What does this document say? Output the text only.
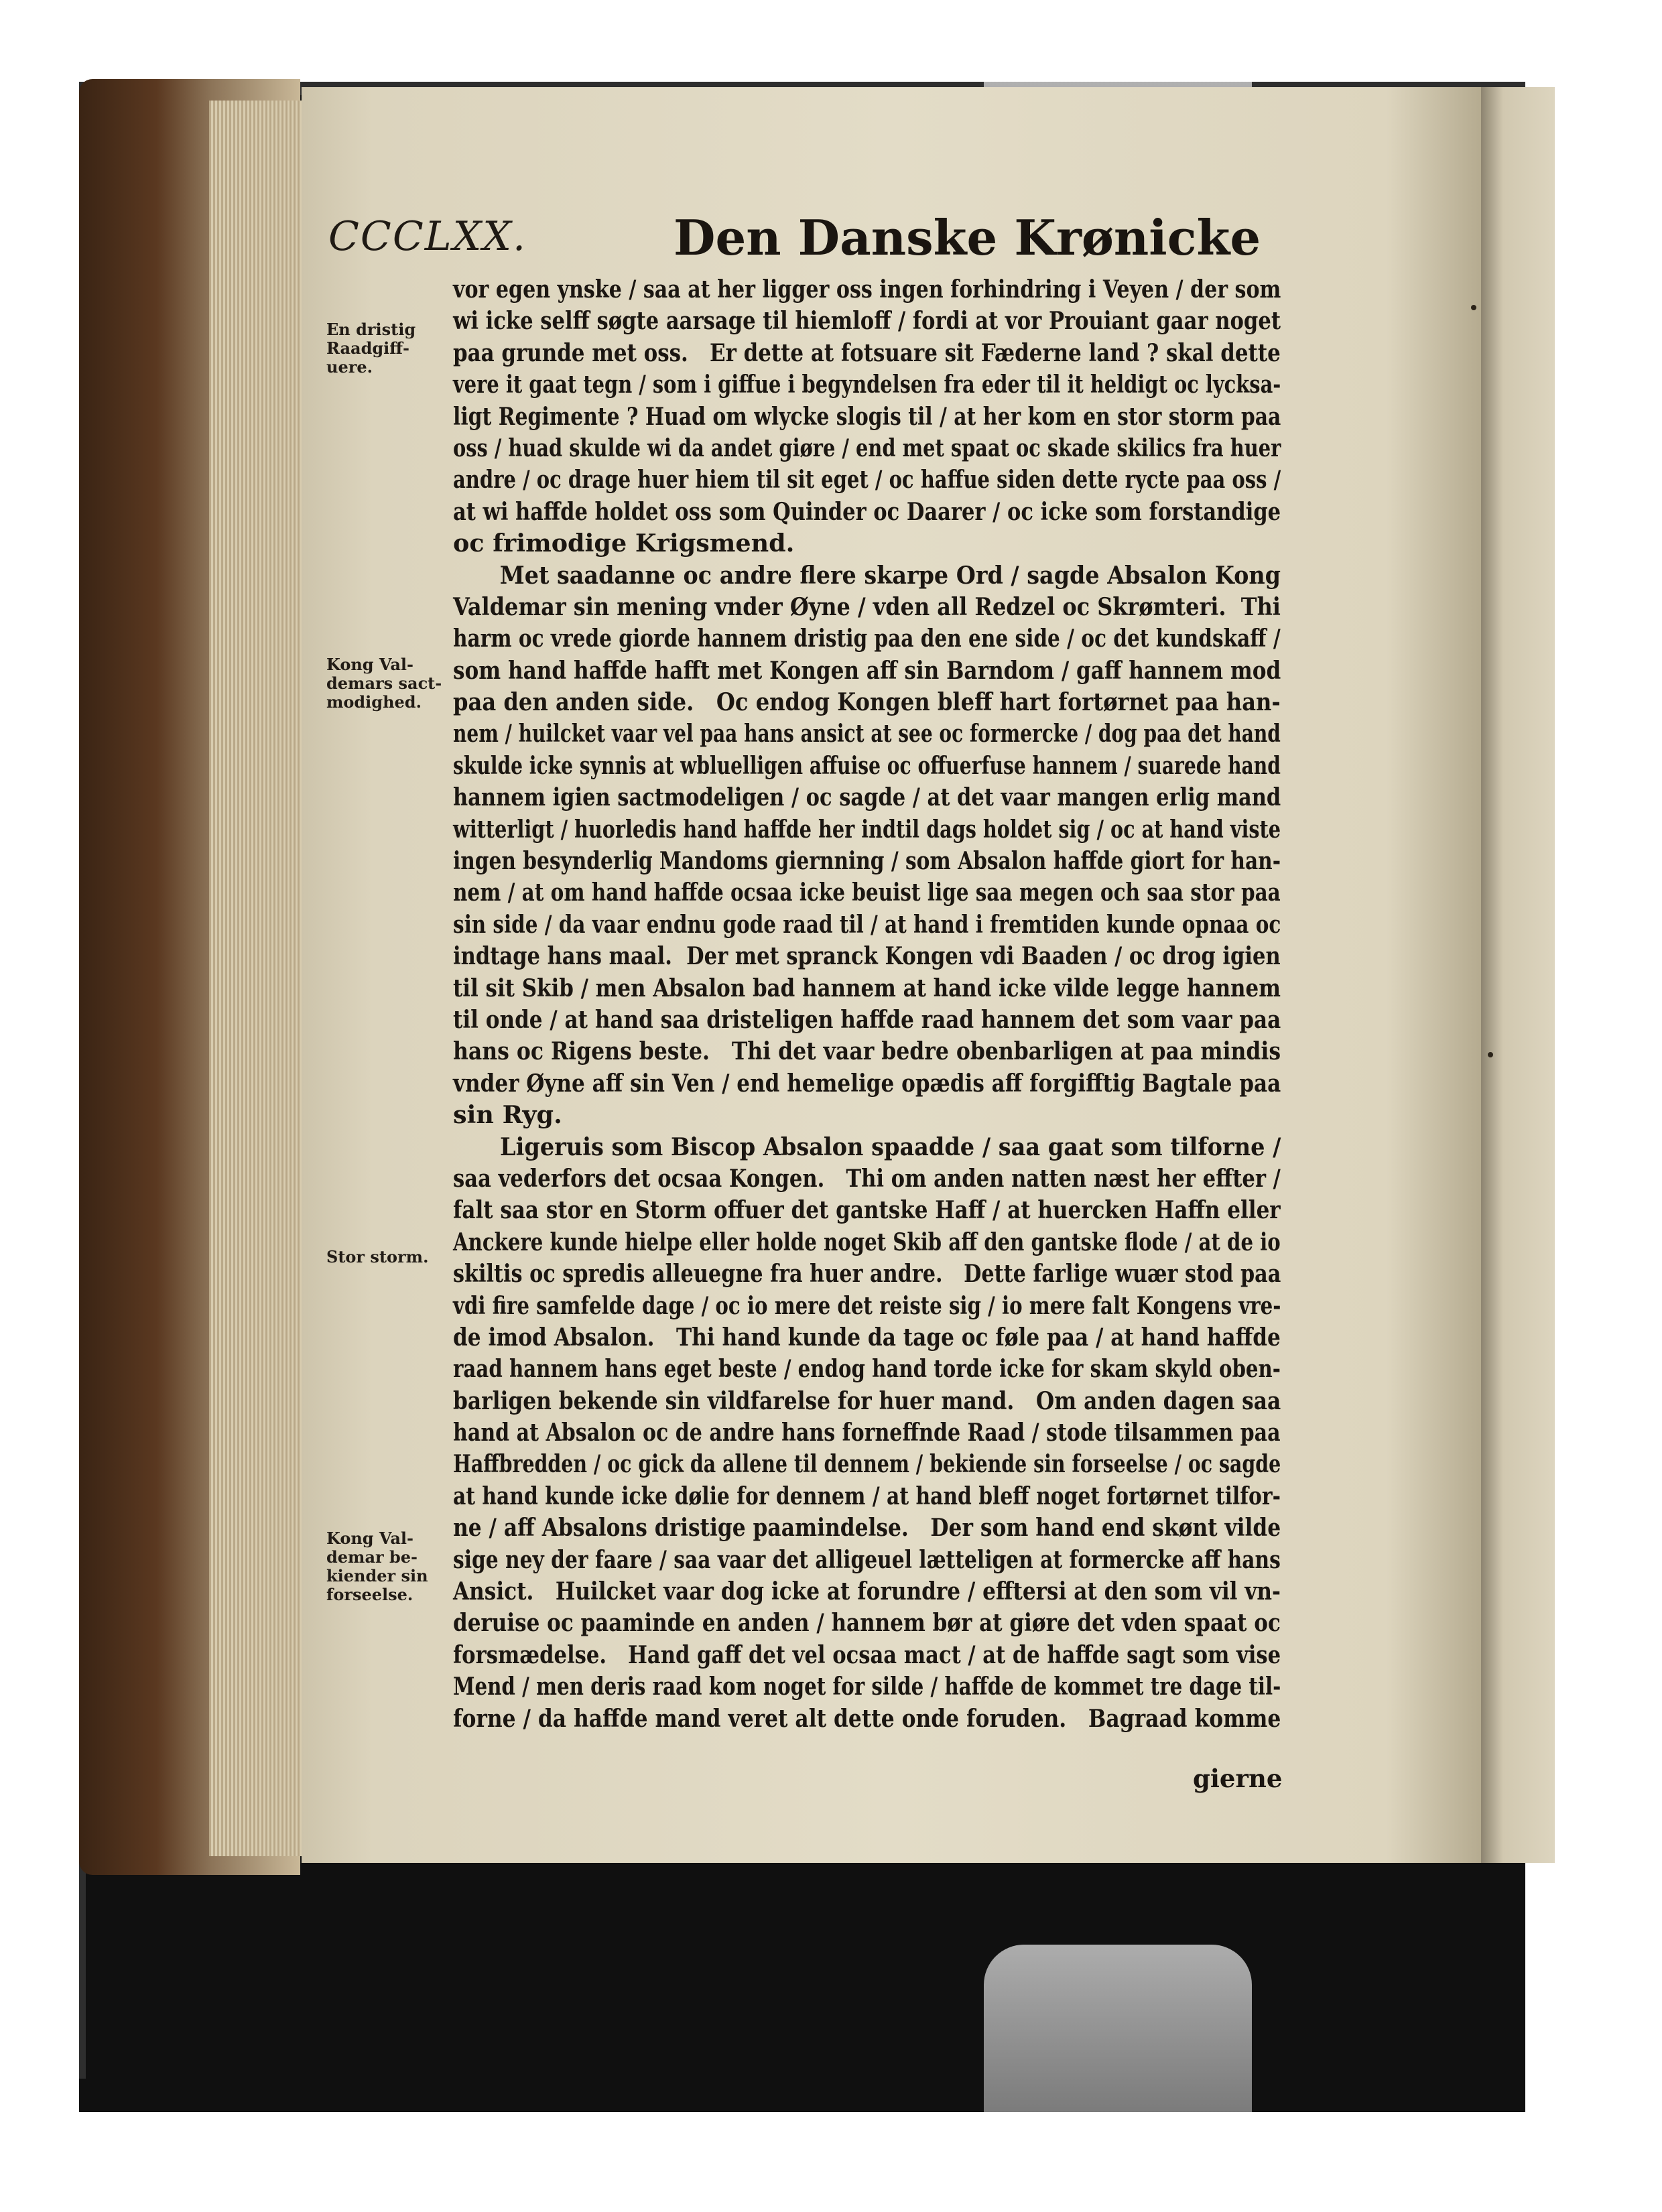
CCCLXX.	Den Danske Krønicke
En dristig
Raadgiff-
uere.
Kong Val-
demars sact-
modighed.
Stor storm.
Kong Val-
demar be-
kiender sin
forseelse.
vor egen ynske / saa at her ligger oss ingen forhindring i Veyen / der som
wi icke selff søgte aarsage til hiemloff / fordi at vor Prouiant gaar noget
paa grunde met oss.   Er dette at fotsuare sit Fæderne land ? skal dette
vere it gaat tegn / som i giffue i begyndelsen fra eder til it heldigt oc lycksa-
ligt Regimente ? Huad om wlycke slogis til / at her kom en stor storm paa
oss / huad skulde wi da andet giøre / end met spaat oc skade skilics fra huer
andre / oc drage huer hiem til sit eget / oc haffue siden dette rycte paa oss /
at wi haffde holdet oss som Quinder oc Daarer / oc icke som forstandige
oc frimodige Krigsmend.
Met saadanne oc andre flere skarpe Ord / sagde Absalon Kong
Valdemar sin mening vnder Øyne / vden all Redzel oc Skrømteri.  Thi
harm oc vrede giorde hannem dristig paa den ene side / oc det kundskaff /
som hand haffde hafft met Kongen aff sin Barndom / gaff hannem mod
paa den anden side.   Oc endog Kongen bleff hart fortørnet paa han-
nem / huilcket vaar vel paa hans ansict at see oc formercke / dog paa det hand
skulde icke synnis at wbluelligen affuise oc offuerfuse hannem / suarede hand
hannem igien sactmodeligen / oc sagde / at det vaar mangen erlig mand
witterligt / huorledis hand haffde her indtil dags holdet sig / oc at hand viste
ingen besynderlig Mandoms giernning / som Absalon haffde giort for han-
nem / at om hand haffde ocsaa icke beuist lige saa megen och saa stor paa
sin side / da vaar endnu gode raad til / at hand i fremtiden kunde opnaa oc
indtage hans maal.  Der met spranck Kongen vdi Baaden / oc drog igien
til sit Skib / men Absalon bad hannem at hand icke vilde legge hannem
til onde / at hand saa dristeligen haffde raad hannem det som vaar paa
hans oc Rigens beste.   Thi det vaar bedre obenbarligen at paa mindis
vnder Øyne aff sin Ven / end hemelige opædis aff forgifftig Bagtale paa
sin Ryg.
Ligeruis som Biscop Absalon spaadde / saa gaat som tilforne /
saa vederfors det ocsaa Kongen.   Thi om anden natten næst her effter /
falt saa stor en Storm offuer det gantske Haff / at huercken Haffn eller
Anckere kunde hielpe eller holde noget Skib aff den gantske flode / at de io
skiltis oc spredis alleuegne fra huer andre.   Dette farlige wuær stod paa
vdi fire samfelde dage / oc io mere det reiste sig / io mere falt Kongens vre-
de imod Absalon.   Thi hand kunde da tage oc føle paa / at hand haffde
raad hannem hans eget beste / endog hand torde icke for skam skyld oben-
barligen bekende sin vildfarelse for huer mand.   Om anden dagen saa
hand at Absalon oc de andre hans forneffnde Raad / stode tilsammen paa
Haffbredden / oc gick da allene til dennem / bekiende sin forseelse / oc sagde
at hand kunde icke dølie for dennem / at hand bleff noget fortørnet tilfor-
ne / aff Absalons dristige paamindelse.   Der som hand end skønt vilde
sige ney der faare / saa vaar det alligeuel lætteligen at formercke aff hans
Ansict.   Huilcket vaar dog icke at forundre / efftersi at den som vil vn-
deruise oc paaminde en anden / hannem bør at giøre det vden spaat oc
forsmædelse.   Hand gaff det vel ocsaa mact / at de haffde sagt som vise
Mend / men deris raad kom noget for silde / haffde de kommet tre dage til-
forne / da haffde mand veret alt dette onde foruden.   Bagraad komme
gierne
Early European Books, Copyright © 2010 ProQuest LLC.
Images reproduced by courtesy of the Royal Library, Copenhagen.
Vilh. Bruuns Samling (LN 1451 2° copy 5)
